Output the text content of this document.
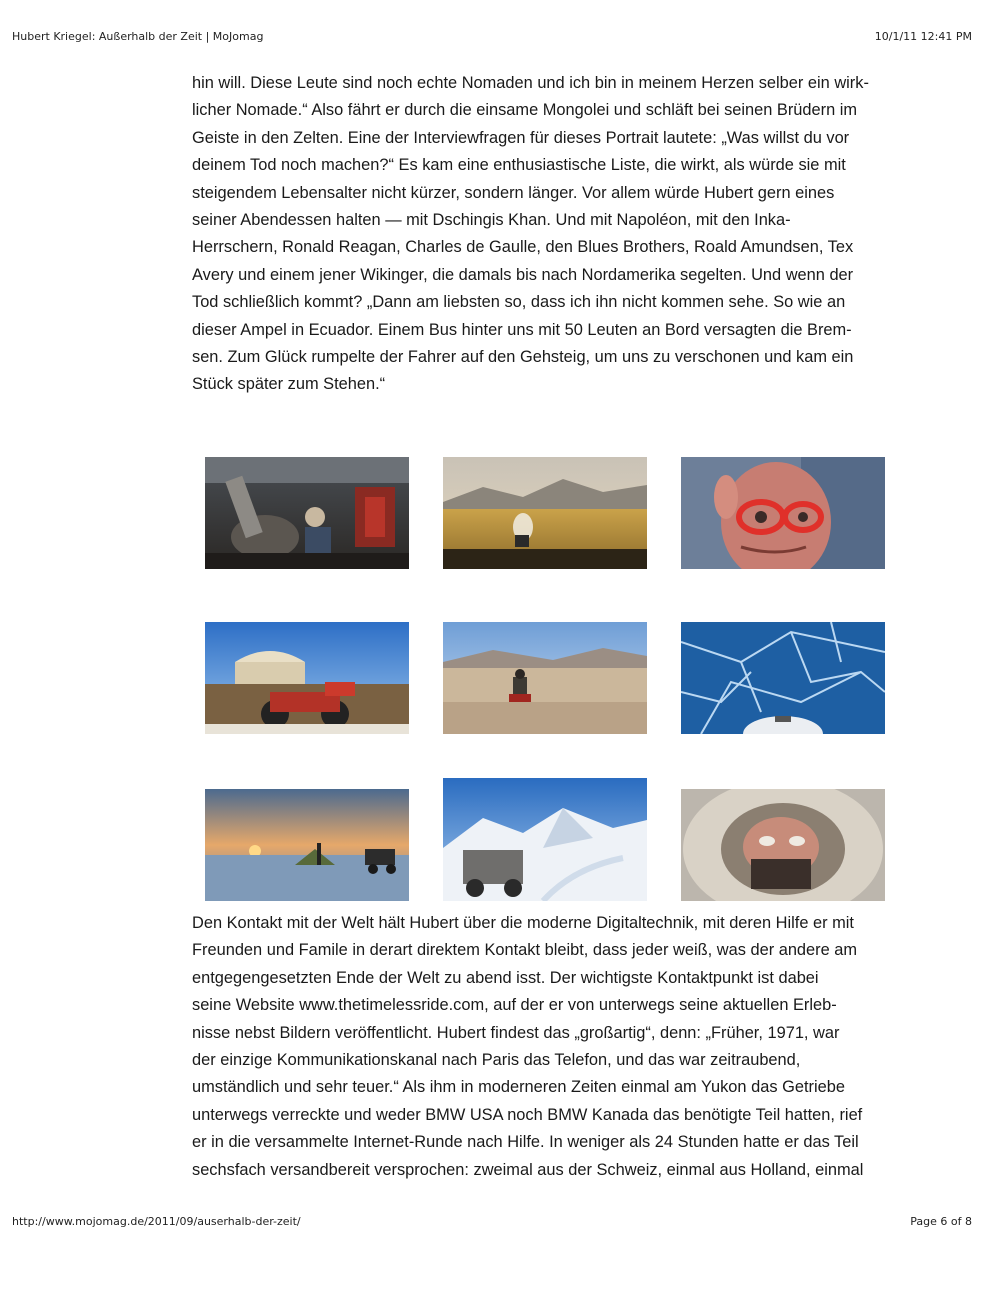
Hubert Kriegel: Außerhalb der Zeit | MoJomag	10/1/11 12:41 PM
hin will. Diese Leute sind noch echte Nomaden und ich bin in meinem Herzen selber ein wirk-
licher Nomade.“ Also fährt er durch die einsame Mongolei und schläft bei seinen Brüdern im
Geiste in den Zelten. Eine der Interviewfragen für dieses Portrait lautete: „Was willst du vor
deinem Tod noch machen?“ Es kam eine enthusiastische Liste, die wirkt, als würde sie mit
steigendem Lebensalter nicht kürzer, sondern länger. Vor allem würde Hubert gern eines
seiner Abendessen halten — mit Dschingis Khan. Und mit Napoléon, mit den Inka-
Herrschern, Ronald Reagan, Charles de Gaulle, den Blues Brothers, Roald Amundsen, Tex
Avery und einem jener Wikinger, die damals bis nach Nordamerika segelten. Und wenn der
Tod schließlich kommt? „Dann am liebsten so, dass ich ihn nicht kommen sehe. So wie an
dieser Ampel in Ecuador. Einem Bus hinter uns mit 50 Leuten an Bord versagten die Brem-
sen. Zum Glück rumpelte der Fahrer auf den Gehsteig, um uns zu verschonen und kam ein
Stück später zum Stehen.“
Den Kontakt mit der Welt hält Hubert über die moderne Digitaltechnik, mit deren Hilfe er mit
Freunden und Famile in derart direktem Kontakt bleibt, dass jeder weiß, was der andere am
entgegengesetzten Ende der Welt zu abend isst. Der wichtigste Kontaktpunkt ist dabei
seine Website www.thetimelessride.com, auf der er von unterwegs seine aktuellen Erleb-
nisse nebst Bildern veröffentlicht. Hubert findest das „großartig“, denn: „Früher, 1971, war
der einzige Kommunikationskanal nach Paris das Telefon, und das war zeitraubend,
umständlich und sehr teuer.“ Als ihm in moderneren Zeiten einmal am Yukon das Getriebe
unterwegs verreckte und weder BMW USA noch BMW Kanada das benötigte Teil hatten, rief
er in die versammelte Internet-Runde nach Hilfe. In weniger als 24 Stunden hatte er das Teil
sechsfach versandbereit versprochen: zweimal aus der Schweiz, einmal aus Holland, einmal
http://www.mojomag.de/2011/09/auserhalb-der-zeit/	Page 6 of 8
